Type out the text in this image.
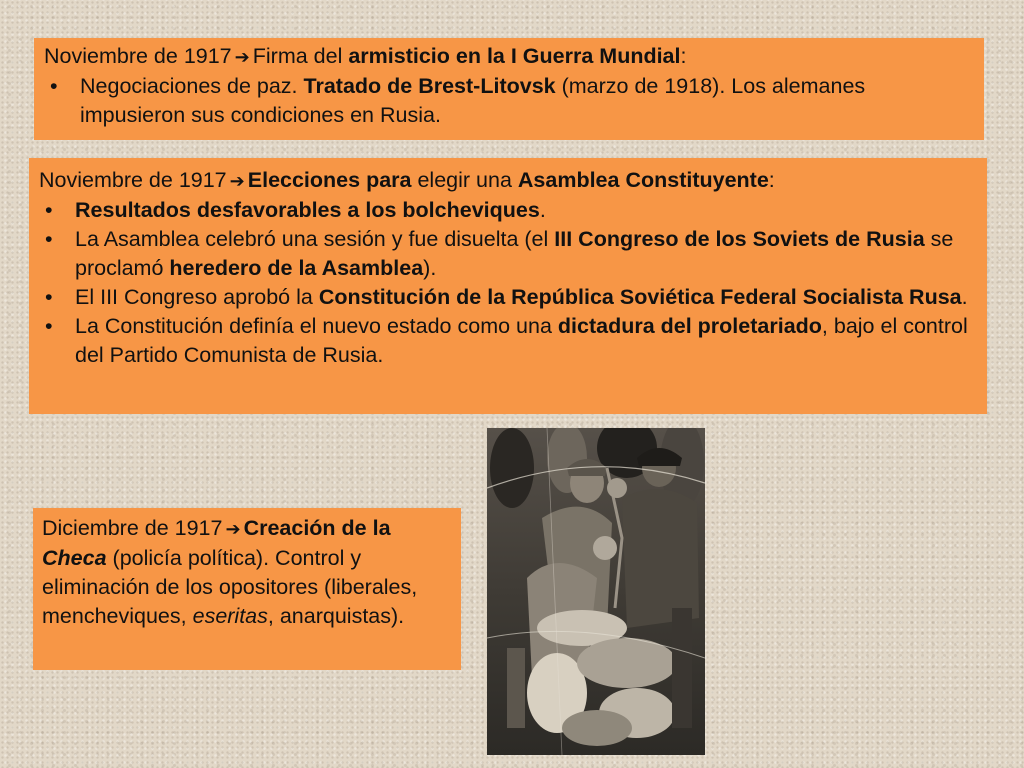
Noviembre de 1917 ➔ Firma del armisticio en la I Guerra Mundial:

• Negociaciones de paz. Tratado de Brest-Litovsk (marzo de 1918). Los alemanes impusieron sus condiciones en Rusia.

Noviembre de 1917 ➔ Elecciones para elegir una Asamblea Constituyente:

• Resultados desfavorables a los bolcheviques.
• La Asamblea celebró una sesión y fue disuelta (el III Congreso de los Soviets de Rusia se proclamó heredero de la Asamblea).
• El III Congreso aprobó la Constitución de la República Soviética Federal Socialista Rusa.
• La Constitución definía el nuevo estado como una dictadura del proletariado, bajo el control del Partido Comunista de Rusia.

Diciembre de 1917 ➔ Creación de la Checa (policía política). Control y eliminación de los opositores (liberales, mencheviques, eseritas, anarquistas).
